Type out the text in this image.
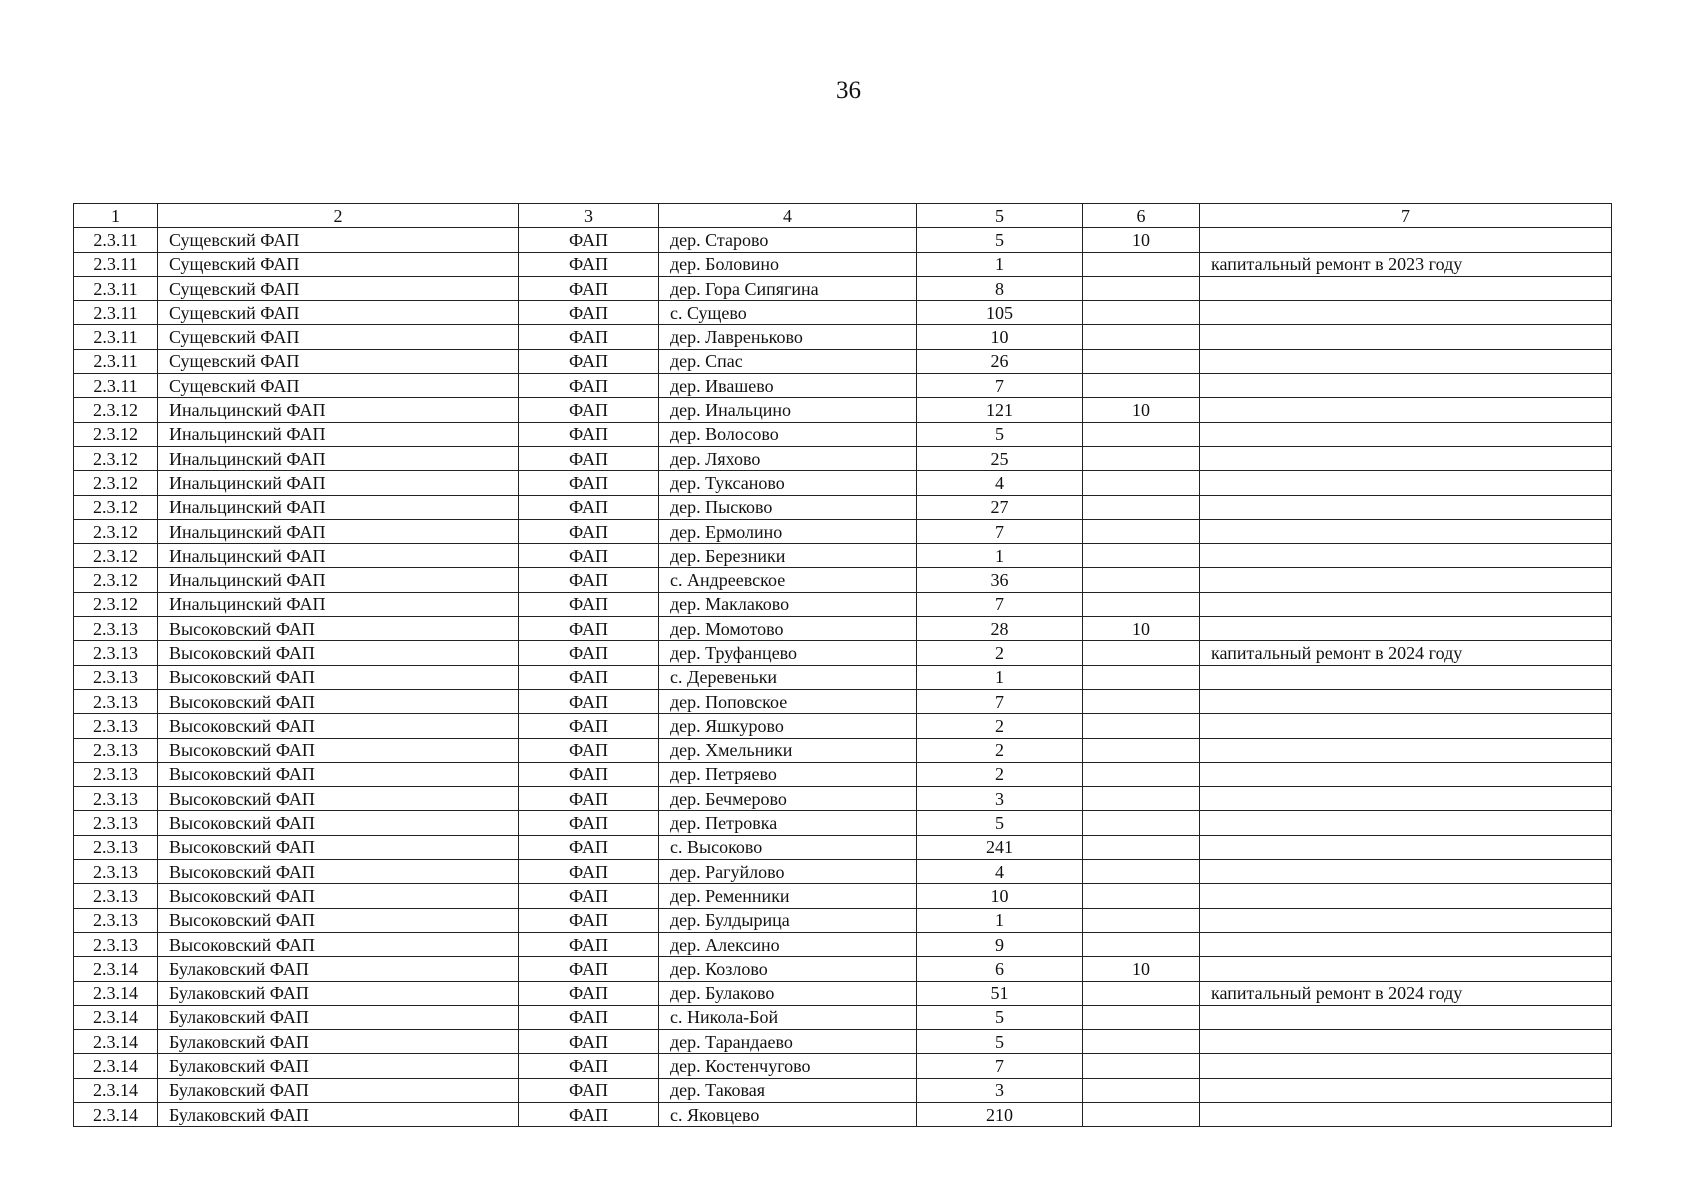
36
1	2	3	4	5	6	7
2.3.11	Сущевский ФАП	ФАП	дер. Старово	5	10	
2.3.11	Сущевский ФАП	ФАП	дер. Боловино	1		капитальный ремонт в 2023 году
2.3.11	Сущевский ФАП	ФАП	дер. Гора Сипягина	8		
2.3.11	Сущевский ФАП	ФАП	с. Сущево	105		
2.3.11	Сущевский ФАП	ФАП	дер. Лавреньково	10		
2.3.11	Сущевский ФАП	ФАП	дер. Спас	26		
2.3.11	Сущевский ФАП	ФАП	дер. Ивашево	7		
2.3.12	Инальцинский ФАП	ФАП	дер. Инальцино	121	10	
2.3.12	Инальцинский ФАП	ФАП	дер. Волосово	5		
2.3.12	Инальцинский ФАП	ФАП	дер. Ляхово	25		
2.3.12	Инальцинский ФАП	ФАП	дер. Туксаново	4		
2.3.12	Инальцинский ФАП	ФАП	дер. Пысково	27		
2.3.12	Инальцинский ФАП	ФАП	дер. Ермолино	7		
2.3.12	Инальцинский ФАП	ФАП	дер. Березники	1		
2.3.12	Инальцинский ФАП	ФАП	с. Андреевское	36		
2.3.12	Инальцинский ФАП	ФАП	дер. Маклаково	7		
2.3.13	Высоковский ФАП	ФАП	дер. Момотово	28	10	
2.3.13	Высоковский ФАП	ФАП	дер. Труфанцево	2		капитальный ремонт в 2024 году
2.3.13	Высоковский ФАП	ФАП	с. Деревеньки	1		
2.3.13	Высоковский ФАП	ФАП	дер. Поповское	7		
2.3.13	Высоковский ФАП	ФАП	дер. Яшкурово	2		
2.3.13	Высоковский ФАП	ФАП	дер. Хмельники	2		
2.3.13	Высоковский ФАП	ФАП	дер. Петряево	2		
2.3.13	Высоковский ФАП	ФАП	дер. Бечмерово	3		
2.3.13	Высоковский ФАП	ФАП	дер. Петровка	5		
2.3.13	Высоковский ФАП	ФАП	с. Высоково	241		
2.3.13	Высоковский ФАП	ФАП	дер. Рагуйлово	4		
2.3.13	Высоковский ФАП	ФАП	дер. Ременники	10		
2.3.13	Высоковский ФАП	ФАП	дер. Булдырица	1		
2.3.13	Высоковский ФАП	ФАП	дер. Алексино	9		
2.3.14	Булаковский ФАП	ФАП	дер. Козлово	6	10	
2.3.14	Булаковский ФАП	ФАП	дер. Булаково	51		капитальный ремонт в 2024 году
2.3.14	Булаковский ФАП	ФАП	с. Никола-Бой	5		
2.3.14	Булаковский ФАП	ФАП	дер. Тарандаево	5		
2.3.14	Булаковский ФАП	ФАП	дер. Костенчугово	7		
2.3.14	Булаковский ФАП	ФАП	дер. Таковая	3		
2.3.14	Булаковский ФАП	ФАП	с. Яковцево	210		
